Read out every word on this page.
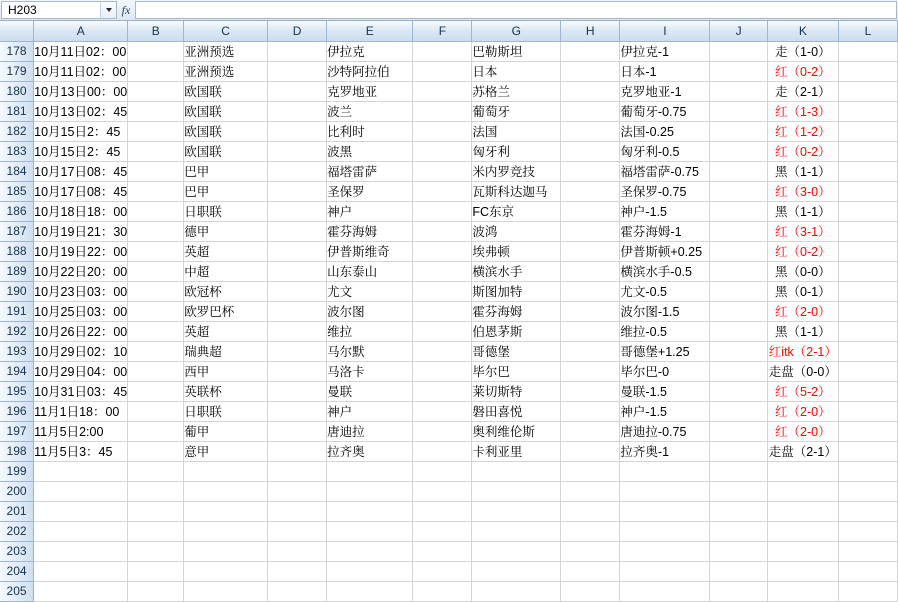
H203	fx
	A	B	C	D	E	F	G	H	I	J	K	L
178	10月11日02：00		亚洲预选		伊拉克		巴勒斯坦		伊拉克-1		走（1-0）	
179	10月11日02：00		亚洲预选		沙特阿拉伯		日本		日本-1		红（0-2）	
180	10月13日00：00		欧国联		克罗地亚		苏格兰		克罗地亚-1		走（2-1）	
181	10月13日02：45		欧国联		波兰		葡萄牙		葡萄牙-0.75		红（1-3）	
182	10月15日2：45		欧国联		比利时		法国		法国-0.25		红（1-2）	
183	10月15日2：45		欧国联		波黑		匈牙利		匈牙利-0.5		红（0-2）	
184	10月17日08：45		巴甲		福塔雷萨		米内罗竞技		福塔雷萨-0.75		黑（1-1）	
185	10月17日08：45		巴甲		圣保罗		瓦斯科达迦马		圣保罗-0.75		红（3-0）	
186	10月18日18：00		日职联		神户		FC东京		神户-1.5		黑（1-1）	
187	10月19日21：30		德甲		霍芬海姆		波鸿		霍芬海姆-1		红（3-1）	
188	10月19日22：00		英超		伊普斯维奇		埃弗顿		伊普斯顿+0.25		红（0-2）	
189	10月22日20：00		中超		山东泰山		横滨水手		横滨水手-0.5		黑（0-0）	
190	10月23日03：00		欧冠杯		尤文		斯图加特		尤文-0.5		黑（0-1）	
191	10月25日03：00		欧罗巴杯		波尔图		霍芬海姆		波尔图-1.5		红（2-0）	
192	10月26日22：00		英超		维拉		伯恩茅斯		维拉-0.5		黑（1-1）	
193	10月29日02：10		瑞典超		马尔默		哥德堡		哥德堡+1.25		红itk（2-1）	
194	10月29日04：00		西甲		马洛卡		毕尔巴		毕尔巴-0		走盘（0-0）	
195	10月31日03：45		英联杯		曼联		莱切斯特		曼联-1.5		红（5-2）	
196	11月1日18：00		日职联		神户		磐田喜悦		神户-1.5		红（2-0）	
197	11月5日2:00		葡甲		唐迪拉		奥利维伦斯		唐迪拉-0.75		红（2-0）	
198	11月5日3：45		意甲		拉齐奥		卡利亚里		拉齐奥-1		走盘（2-1）	
199												
200												
201												
202												
203												
204												
205												
